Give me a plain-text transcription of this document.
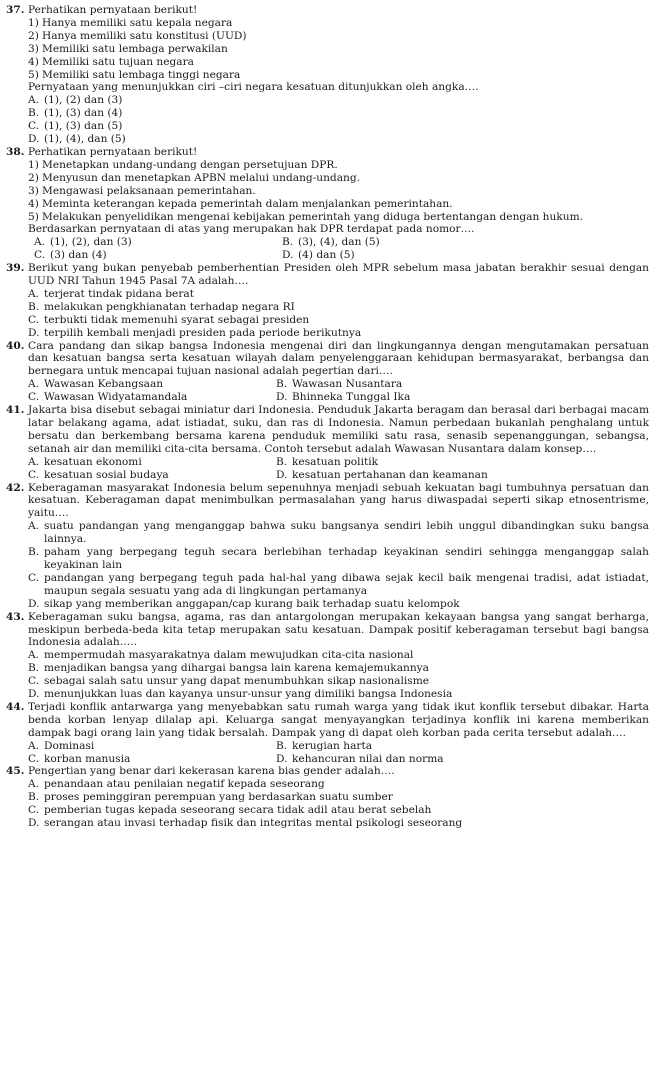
37. Perhatikan pernyataan berikut!
1) Hanya memiliki satu kepala negara
2) Hanya memiliki satu konstitusi (UUD)
3) Memiliki satu lembaga perwakilan
4) Memiliki satu tujuan negara
5) Memiliki satu lembaga tinggi negara
Pernyataan yang menunjukkan ciri –ciri negara kesatuan ditunjukkan oleh angka….
A. (1), (2) dan (3)
B. (1), (3) dan (4)
C. (1), (3) dan (5)
D. (1), (4), dan (5)
38. Perhatikan pernyataan berikut!
1) Menetapkan undang-undang dengan persetujuan DPR.
2) Menyusun dan menetapkan APBN melalui undang-undang.
3) Mengawasi pelaksanaan pemerintahan.
4) Meminta keterangan kepada pemerintah dalam menjalankan pemerintahan.
5) Melakukan penyelidikan mengenai kebijakan pemerintah yang diduga bertentangan dengan hukum.
Berdasarkan pernyataan di atas yang merupakan hak DPR terdapat pada nomor….
A. (1), (2), dan (3)	B. (3), (4), dan (5)
C. (3) dan (4)	D. (4) dan (5)
39. Berikut yang bukan penyebab pemberhentian Presiden oleh MPR sebelum masa jabatan berakhir sesuai dengan UUD NRI Tahun 1945 Pasal 7A adalah….
A. terjerat tindak pidana berat
B. melakukan pengkhianatan terhadap negara RI
C. terbukti tidak memenuhi syarat sebagai presiden
D. terpilih kembali menjadi presiden pada periode berikutnya
40. Cara pandang dan sikap bangsa Indonesia mengenai diri dan lingkungannya dengan mengutamakan persatuan dan kesatuan bangsa serta kesatuan wilayah dalam penyelenggaraan kehidupan bermasyarakat, berbangsa dan bernegara untuk mencapai tujuan nasional adalah pegertian dari….
A. Wawasan Kebangsaan	B. Wawasan Nusantara
C. Wawasan Widyatamandala	D. Bhinneka Tunggal Ika
41. Jakarta bisa disebut sebagai miniatur dari Indonesia. Penduduk Jakarta beragam dan berasal dari berbagai macam latar belakang agama, adat istiadat, suku, dan ras di Indonesia. Namun perbedaan bukanlah penghalang untuk bersatu dan berkembang bersama karena penduduk memiliki satu rasa, senasib sepenanggungan, sebangsa, setanah air dan memiliki cita-cita bersama. Contoh tersebut adalah Wawasan Nusantara dalam konsep….
A. kesatuan ekonomi	B. kesatuan politik
C. kesatuan sosial budaya	D. kesatuan pertahanan dan keamanan
42. Keberagaman masyarakat Indonesia belum sepenuhnya menjadi sebuah kekuatan bagi tumbuhnya persatuan dan kesatuan. Keberagaman dapat menimbulkan permasalahan yang harus diwaspadai seperti sikap etnosentrisme, yaitu….
A. suatu pandangan yang menganggap bahwa suku bangsanya sendiri lebih unggul dibandingkan suku bangsa lainnya.
B. paham yang berpegang teguh secara berlebihan terhadap keyakinan sendiri sehingga menganggap salah keyakinan lain
C. pandangan yang berpegang teguh pada hal-hal yang dibawa sejak kecil baik mengenai tradisi, adat istiadat, maupun segala sesuatu yang ada di lingkungan pertamanya
D. sikap yang memberikan anggapan/cap kurang baik terhadap suatu kelompok
43. Keberagaman suku bangsa, agama, ras dan antargolongan merupakan kekayaan bangsa yang sangat berharga, meskipun berbeda-beda kita tetap merupakan satu kesatuan. Dampak positif keberagaman tersebut bagi bangsa Indonesia adalah…..
A. mempermudah masyarakatnya dalam mewujudkan cita-cita nasional
B. menjadikan bangsa yang dihargai bangsa lain karena kemajemukannya
C. sebagai salah satu unsur yang dapat menumbuhkan sikap nasionalisme
D. menunjukkan luas dan kayanya unsur-unsur yang dimiliki bangsa Indonesia
44. Terjadi konflik antarwarga yang menyebabkan satu rumah warga yang tidak ikut konflik tersebut dibakar. Harta benda korban lenyap dilalap api. Keluarga sangat menyayangkan terjadinya konflik ini karena memberikan dampak bagi orang lain yang tidak bersalah. Dampak yang di dapat oleh korban pada cerita tersebut adalah….
A. Dominasi	B. kerugian harta
C. korban manusia	D. kehancuran nilai dan norma
45. Pengertian yang benar dari kekerasan karena bias gender adalah….
A. penandaan atau penilaian negatif kepada seseorang
B. proses peminggiran perempuan yang berdasarkan suatu sumber
C. pemberian tugas kepada seseorang secara tidak adil atau berat sebelah
D. serangan atau invasi terhadap fisik dan integritas mental psikologi seseorang
